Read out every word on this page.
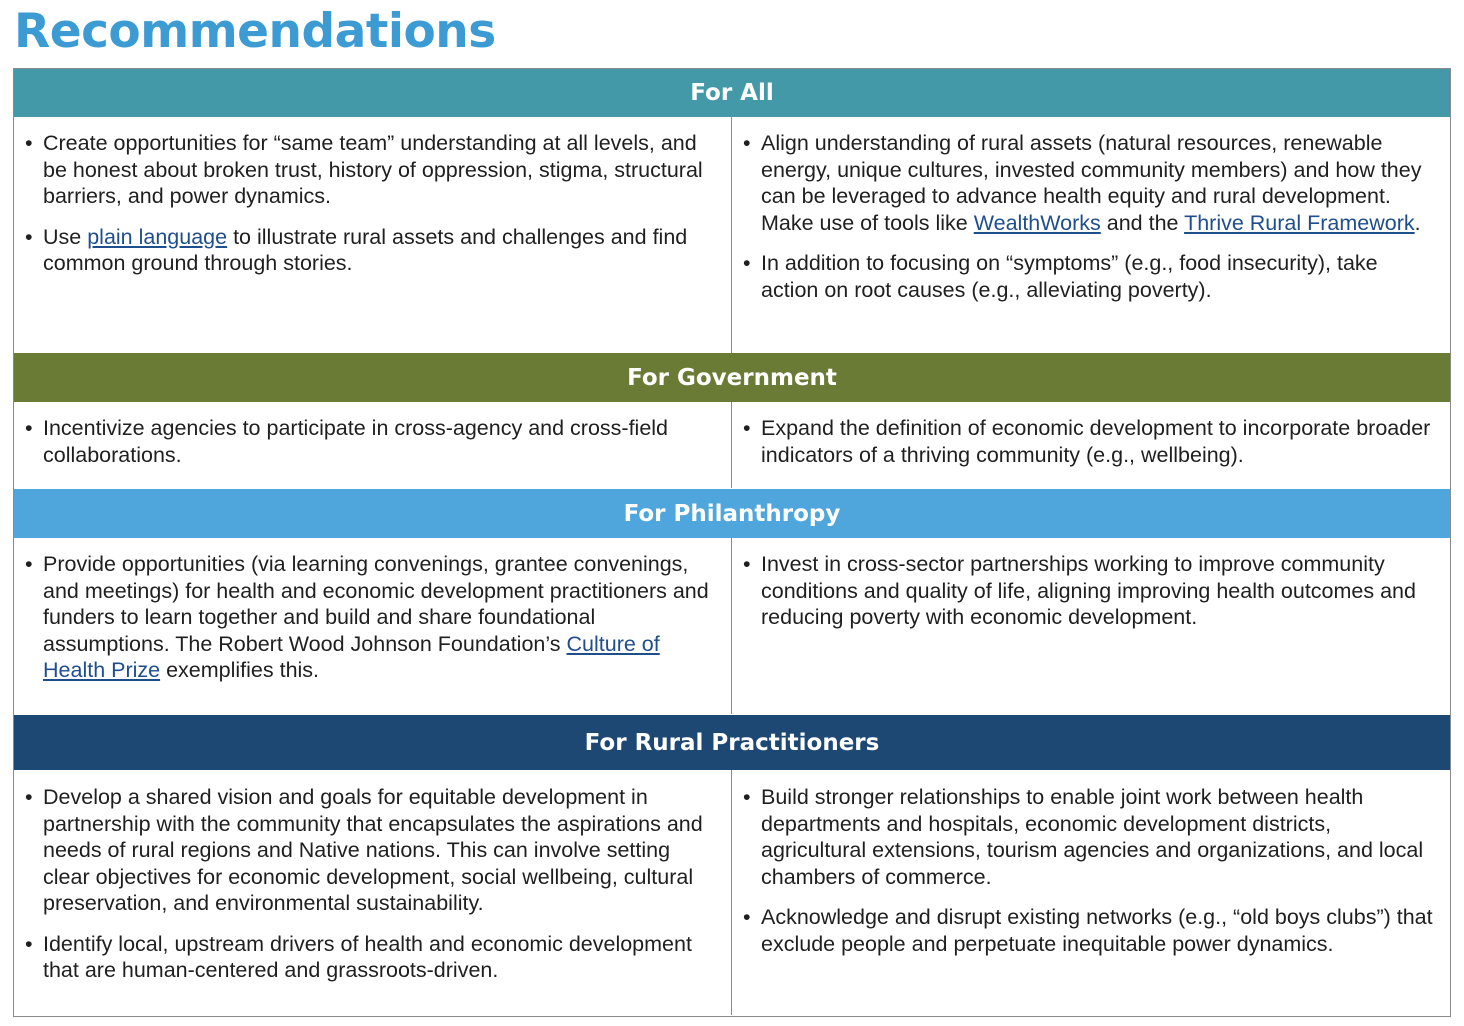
Recommendations
For All
• Create opportunities for “same team” understanding at all levels, and be honest about broken trust, history of oppression, stigma, structural barriers, and power dynamics.
• Use plain language to illustrate rural assets and challenges and find common ground through stories.
• Align understanding of rural assets (natural resources, renewable energy, unique cultures, invested community members) and how they can be leveraged to advance health equity and rural development. Make use of tools like WealthWorks and the Thrive Rural Framework.
• In addition to focusing on “symptoms” (e.g., food insecurity), take action on root causes (e.g., alleviating poverty).
For Government
• Incentivize agencies to participate in cross-agency and cross-field collaborations.
• Expand the definition of economic development to incorporate broader indicators of a thriving community (e.g., wellbeing).
For Philanthropy
• Provide opportunities (via learning convenings, grantee convenings, and meetings) for health and economic development practitioners and funders to learn together and build and share foundational assumptions. The Robert Wood Johnson Foundation’s Culture of Health Prize exemplifies this.
• Invest in cross-sector partnerships working to improve community conditions and quality of life, aligning improving health outcomes and reducing poverty with economic development.
For Rural Practitioners
• Develop a shared vision and goals for equitable development in partnership with the community that encapsulates the aspirations and needs of rural regions and Native nations. This can involve setting clear objectives for economic development, social wellbeing, cultural preservation, and environmental sustainability.
• Identify local, upstream drivers of health and economic development that are human-centered and grassroots-driven.
• Build stronger relationships to enable joint work between health departments and hospitals, economic development districts, agricultural extensions, tourism agencies and organizations, and local chambers of commerce.
• Acknowledge and disrupt existing networks (e.g., “old boys clubs”) that exclude people and perpetuate inequitable power dynamics.
